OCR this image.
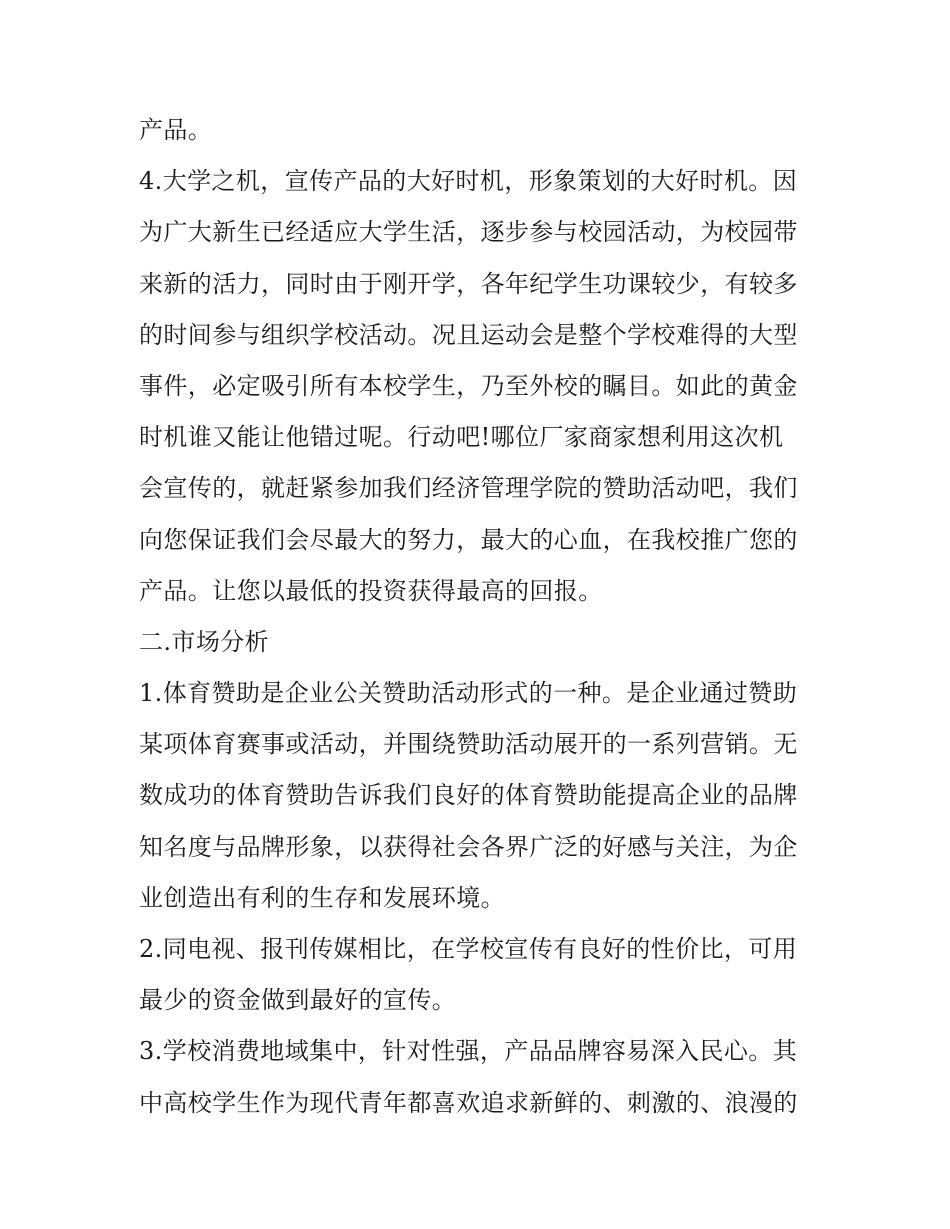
产品。

4.大学之机，宣传产品的大好时机，形象策划的大好时机。因
为广大新生已经适应大学生活，逐步参与校园活动，为校园带
来新的活力，同时由于刚开学，各年纪学生功课较少，有较多
的时间参与组织学校活动。况且运动会是整个学校难得的大型
事件，必定吸引所有本校学生，乃至外校的瞩目。如此的黄金
时机谁又能让他错过呢。行动吧!哪位厂家商家想利用这次机
会宣传的，就赶紧参加我们经济管理学院的赞助活动吧，我们
向您保证我们会尽最大的努力，最大的心血，在我校推广您的
产品。让您以最低的投资获得最高的回报。

二.市场分析

1.体育赞助是企业公关赞助活动形式的一种。是企业通过赞助
某项体育赛事或活动，并围绕赞助活动展开的一系列营销。无
数成功的体育赞助告诉我们良好的体育赞助能提高企业的品牌
知名度与品牌形象，以获得社会各界广泛的好感与关注，为企
业创造出有利的生存和发展环境。

2.同电视、报刊传媒相比，在学校宣传有良好的性价比，可用
最少的资金做到最好的宣传。

3.学校消费地域集中，针对性强，产品品牌容易深入民心。其
中高校学生作为现代青年都喜欢追求新鲜的、刺激的、浪漫的
